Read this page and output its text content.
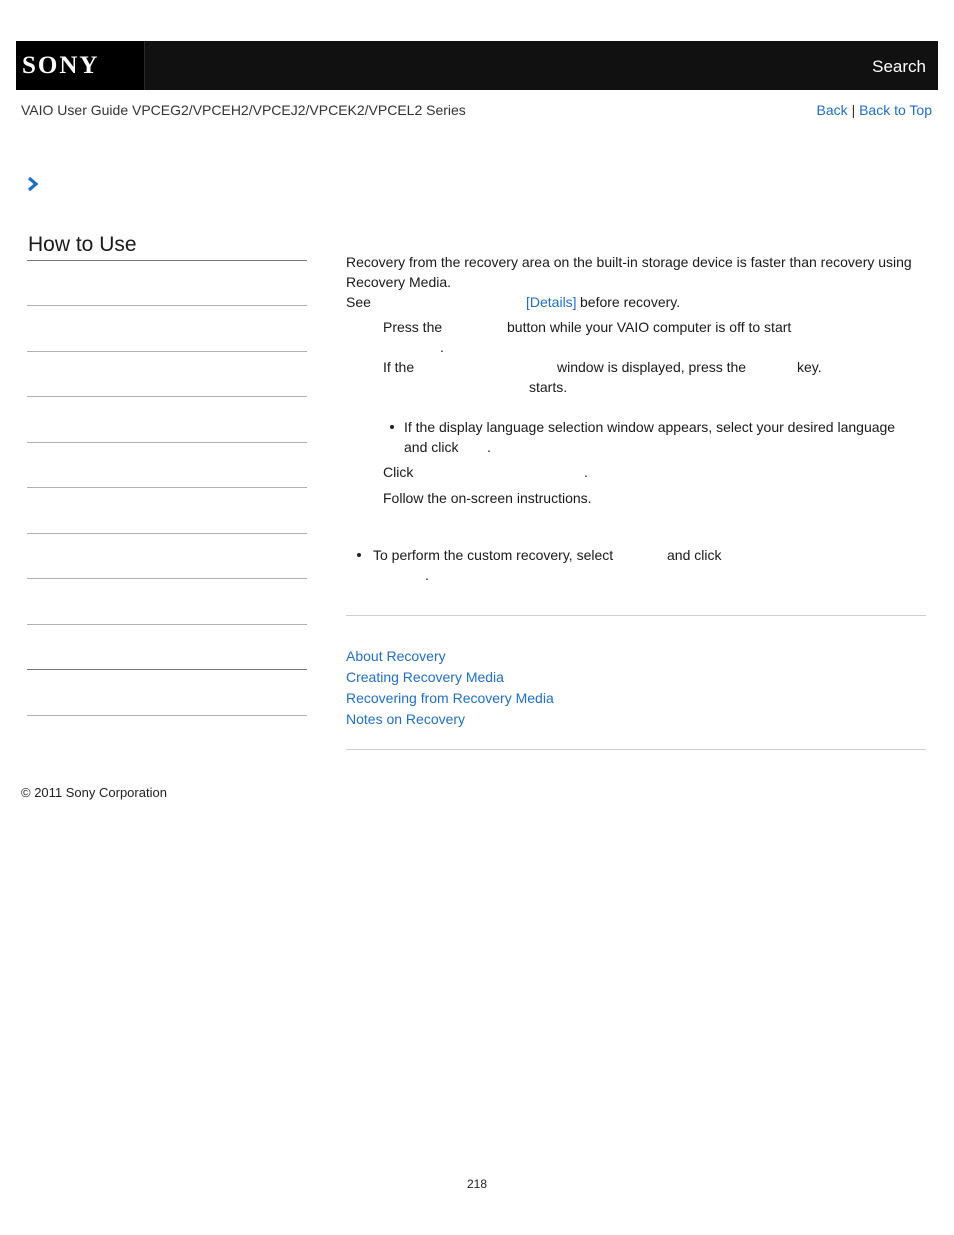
SONY	Search
VAIO User Guide VPCEG2/VPCEH2/VPCEJ2/VPCEK2/VPCEL2 Series	Back | Back to Top
How to Use
Recovery from the recovery area on the built-in storage device is faster than recovery using
Recovery Media.
See	[Details] before recovery.
Press the	button while your VAIO computer is off to start
.
If the	window is displayed, press the	key.
starts.
If the display language selection window appears, select your desired language
and click .
Click	.
Follow the on-screen instructions.
To perform the custom recovery, select	and click
.
About Recovery
Creating Recovery Media
Recovering from Recovery Media
Notes on Recovery
© 2011 Sony Corporation
218
